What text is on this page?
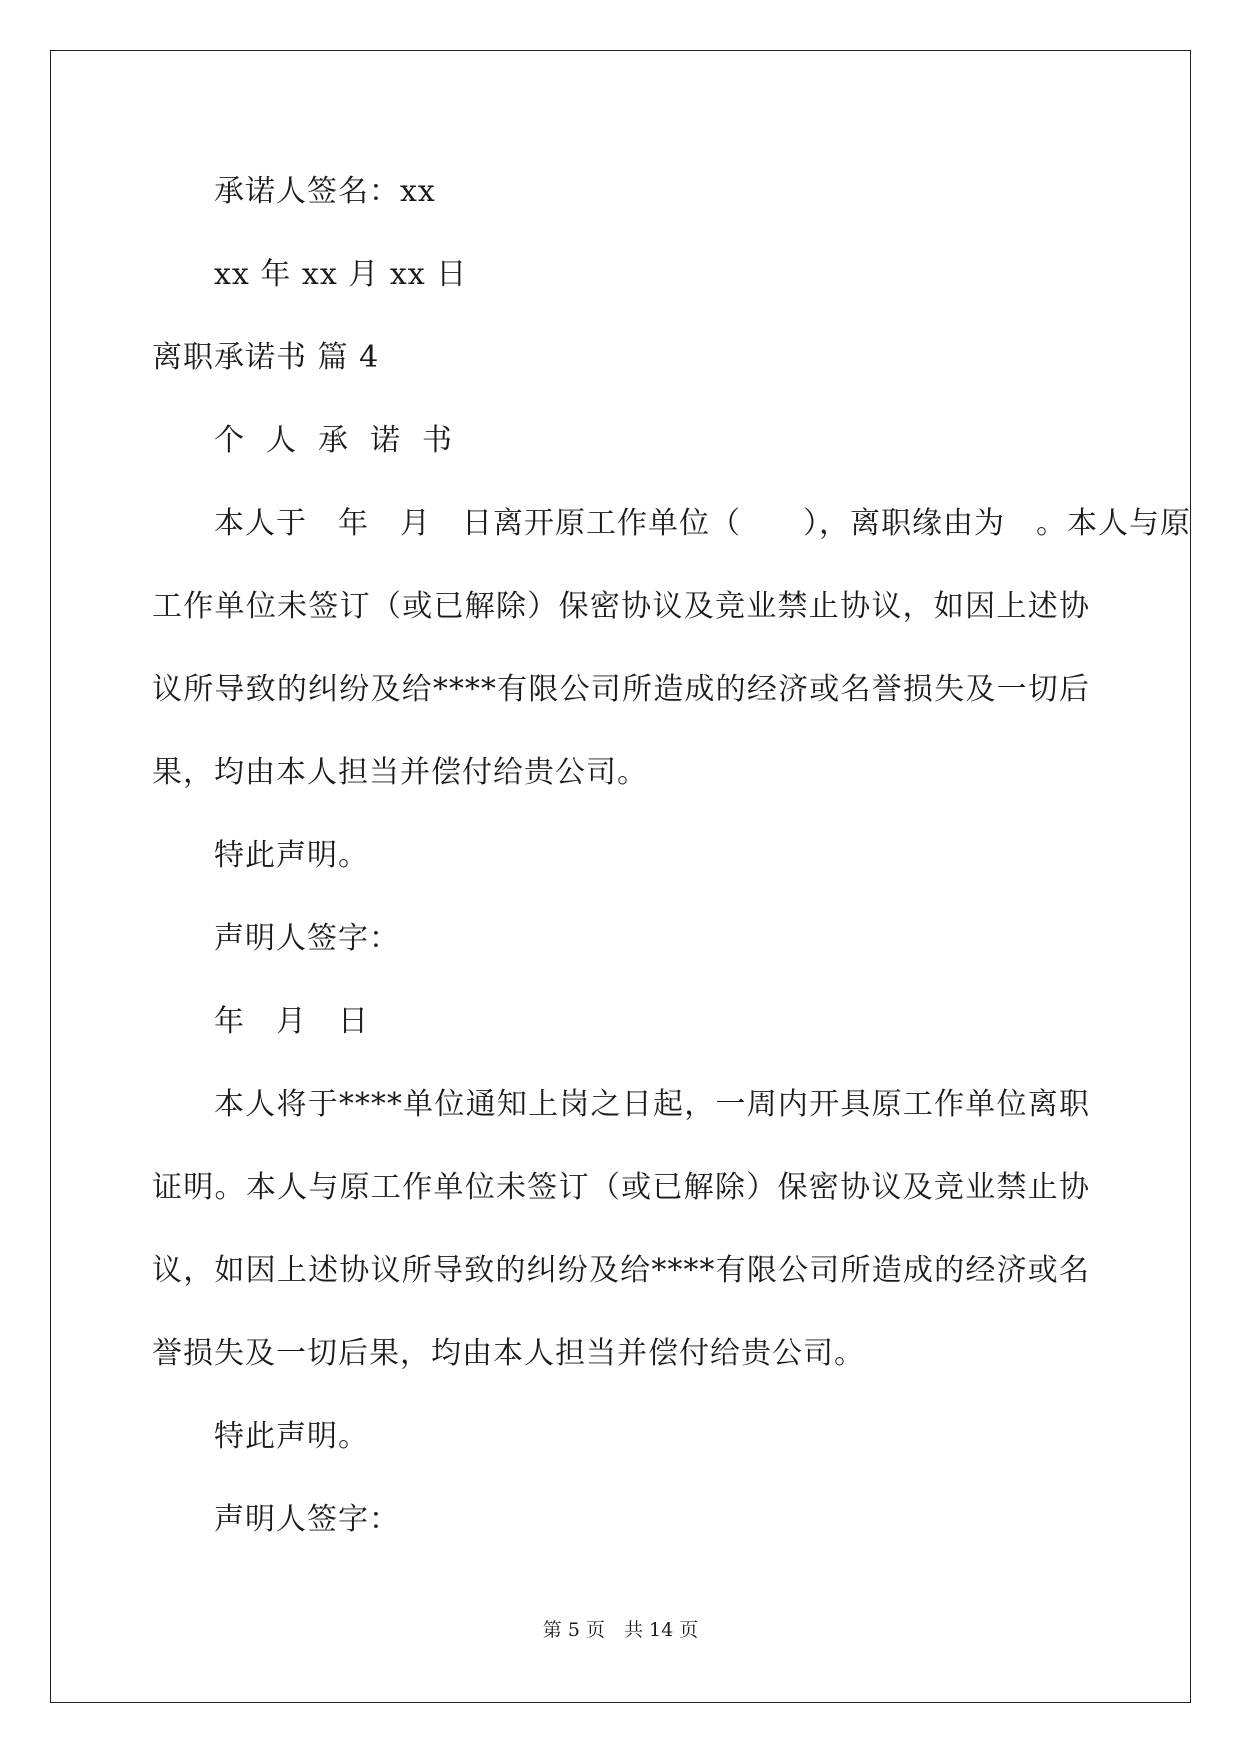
承诺人签名：xx
xx 年 xx 月 xx 日
离职承诺书 篇 4
个人承诺书
本人于　年　月　日离开原工作单位（　　），离职缘由为　。本人与原
工作单位未签订（或已解除）保密协议及竞业禁止协议，如因上述协
议所导致的纠纷及给****有限公司所造成的经济或名誉损失及一切后
果，均由本人担当并偿付给贵公司。
特此声明。
声明人签字：
年　月　日
本人将于****单位通知上岗之日起，一周内开具原工作单位离职
证明。本人与原工作单位未签订（或已解除）保密协议及竞业禁止协
议，如因上述协议所导致的纠纷及给****有限公司所造成的经济或名
誉损失及一切后果，均由本人担当并偿付给贵公司。
特此声明。
声明人签字：
第 5 页　共 14 页
